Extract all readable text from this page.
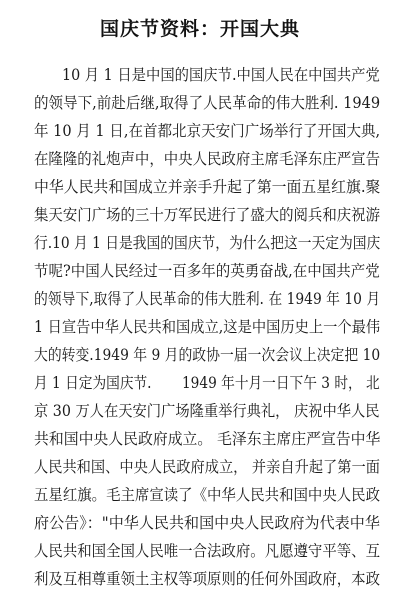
国庆节资料：开国大典
10 月 1 日是中国的国庆节.中国人民在中国共产党
的领导下,前赴后继,取得了人民革命的伟大胜利. 1949
年 10 月 1 日,在首都北京天安门广场举行了开国大典,
在隆隆的礼炮声中，中央人民政府主席毛泽东庄严宣告
中华人民共和国成立并亲手升起了第一面五星红旗.聚
集天安门广场的三十万军民进行了盛大的阅兵和庆祝游
行.10 月 1 日是我国的国庆节，为什么把这一天定为国庆
节呢?中国人民经过一百多年的英勇奋战,在中国共产党
的领导下,取得了人民革命的伟大胜利. 在 1949 年 10 月
1 日宣告中华人民共和国成立,这是中国历史上一个最伟
大的转变.1949 年 9 月的政协一届一次会议上决定把 10
月 1 日定为国庆节.       1949 年十月一日下午 3 时， 北
京 30 万人在天安门广场隆重举行典礼， 庆祝中华人民
共和国中央人民政府成立。 毛泽东主席庄严宣告中华
人民共和国、中央人民政府成立， 并亲自升起了第一面
五星红旗。毛主席宣读了《中华人民共和国中央人民政
府公告》："中华人民共和国中央人民政府为代表中华
人民共和国全国人民唯一合法政府。凡愿遵守平等、互
利及互相尊重领土主权等项原则的任何外国政府，本政
